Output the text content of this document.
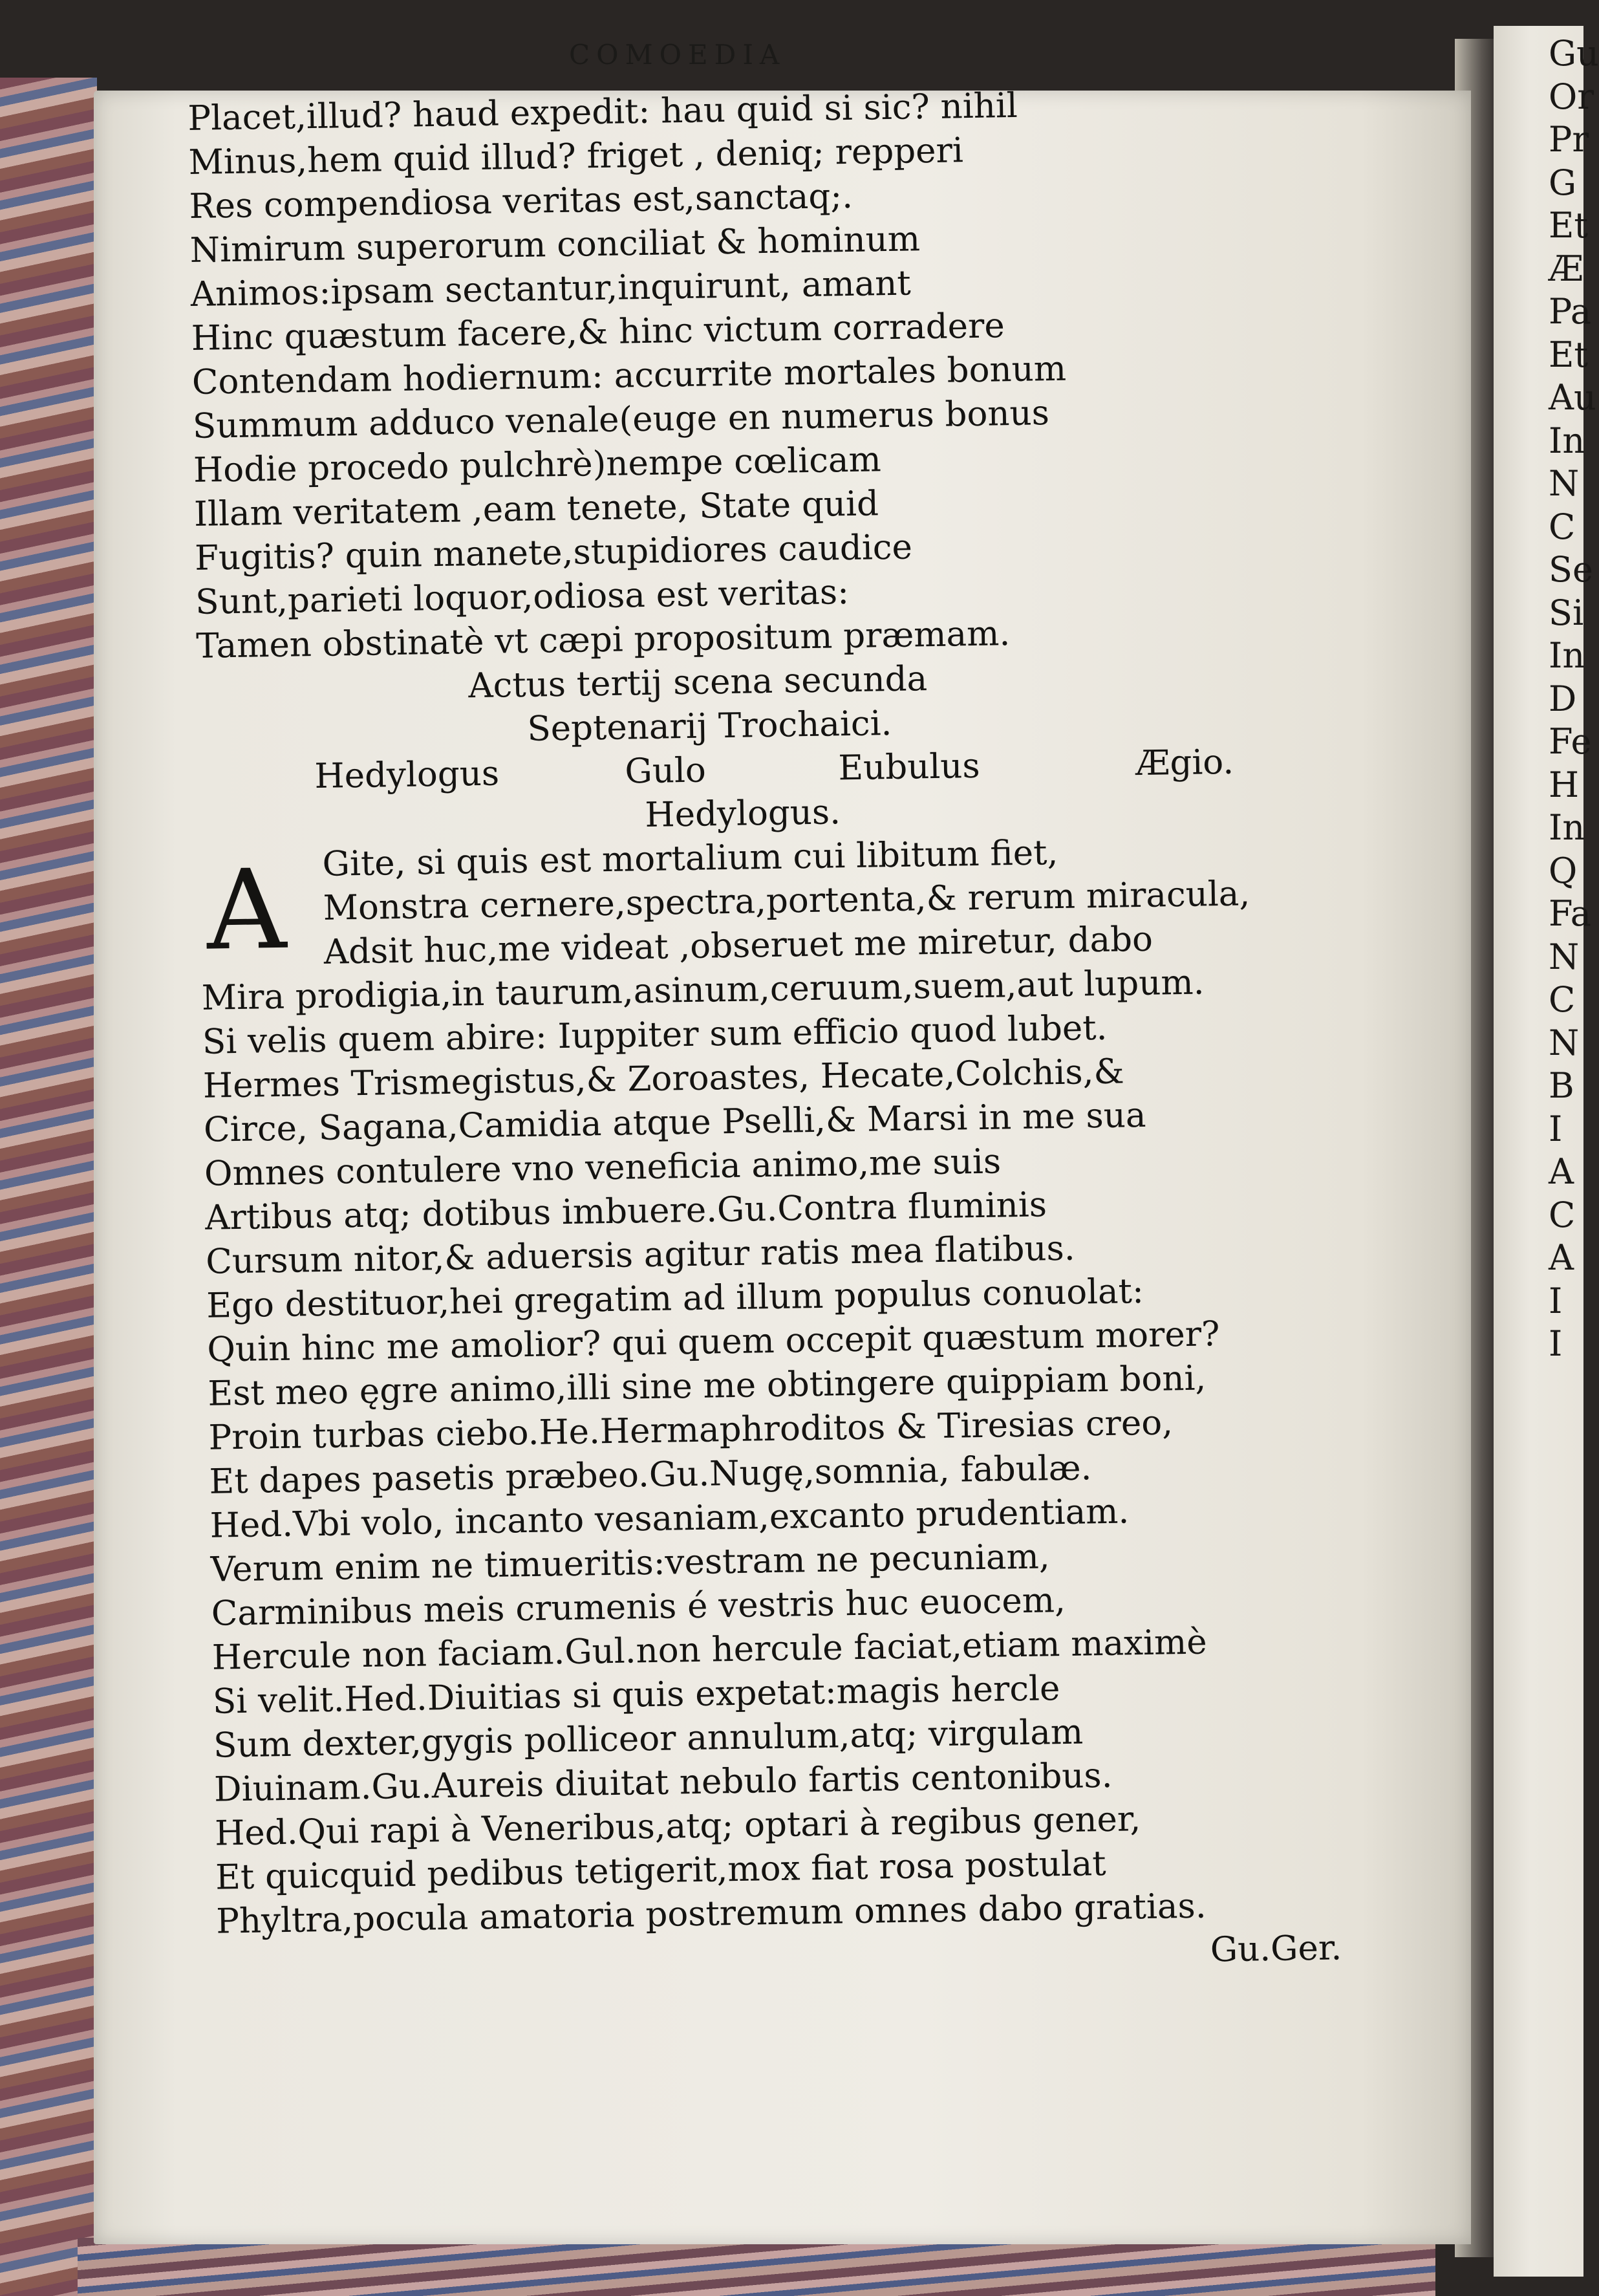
Gu
Or
Pr
G
Et
Æ
Pa
Et
Au
In
N
C
Se
Si
In
D
Fe
H
In
Q
Fa
N
C
N
B
I
A
C
A
I
I
COMOEDIA
Placet,illud? haud expedit: hau quid si sic? nihil
Minus,hem quid illud? friget , deniq; repperi
Res compendiosa veritas est,sanctaq;.
Nimirum superorum conciliat & hominum
Animos:ipsam sectantur,inquirunt, amant
Hinc quæstum facere,& hinc victum corradere
Contendam hodiernum: accurrite mortales bonum
Summum adduco venale(euge en numerus bonus
Hodie procedo pulchrè)nempe cœlicam
Illam veritatem ,eam tenete, State quid
Fugitis? quin manete,stupidiores caudice
Sunt,parieti loquor,odiosa est veritas:
Tamen obstinatè vt cæpi propositum præmam.
Actus tertij scena secunda
Septenarij Trochaici.
Hedylogus	Gulo	Eubulus	Ægio.
Hedylogus.
A	Gite, si quis est mortalium cui libitum fiet,
Monstra cernere,spectra,portenta,& rerum miracula,
Adsit huc,me videat ,obseruet me miretur, dabo
Mira prodigia,in taurum,asinum,ceruum,suem,aut lupum.
Si velis quem abire: Iuppiter sum efficio quod lubet.
Hermes Trismegistus,& Zoroastes, Hecate,Colchis,&
Circe, Sagana,Camidia atque Pselli,& Marsi in me sua
Omnes contulere vno veneficia animo,me suis
Artibus atq; dotibus imbuere.Gu.Contra fluminis
Cursum nitor,& aduersis agitur ratis mea flatibus.
Ego destituor,hei gregatim ad illum populus conuolat:
Quin hinc me amolior? qui quem occepit quæstum morer?
Est meo ęgre animo,illi sine me obtingere quippiam boni,
Proin turbas ciebo.He.Hermaphroditos & Tiresias creo,
Et dapes pasetis præbeo.Gu.Nugę,somnia, fabulæ.
Hed.Vbi volo, incanto vesaniam,excanto prudentiam.
Verum enim ne timueritis:vestram ne pecuniam,
Carminibus meis crumenis é vestris huc euocem,
Hercule non faciam.Gul.non hercule faciat,etiam maximè
Si velit.Hed.Diuitias si quis expetat:magis hercle
Sum dexter,gygis polliceor annulum,atq; virgulam
Diuinam.Gu.Aureis diuitat nebulo fartis centonibus.
Hed.Qui rapi à Veneribus,atq; optari à regibus gener,
Et quicquid pedibus tetigerit,mox fiat rosa postulat
Phyltra,pocula amatoria postremum omnes dabo gratias.
Gu.Ger.
